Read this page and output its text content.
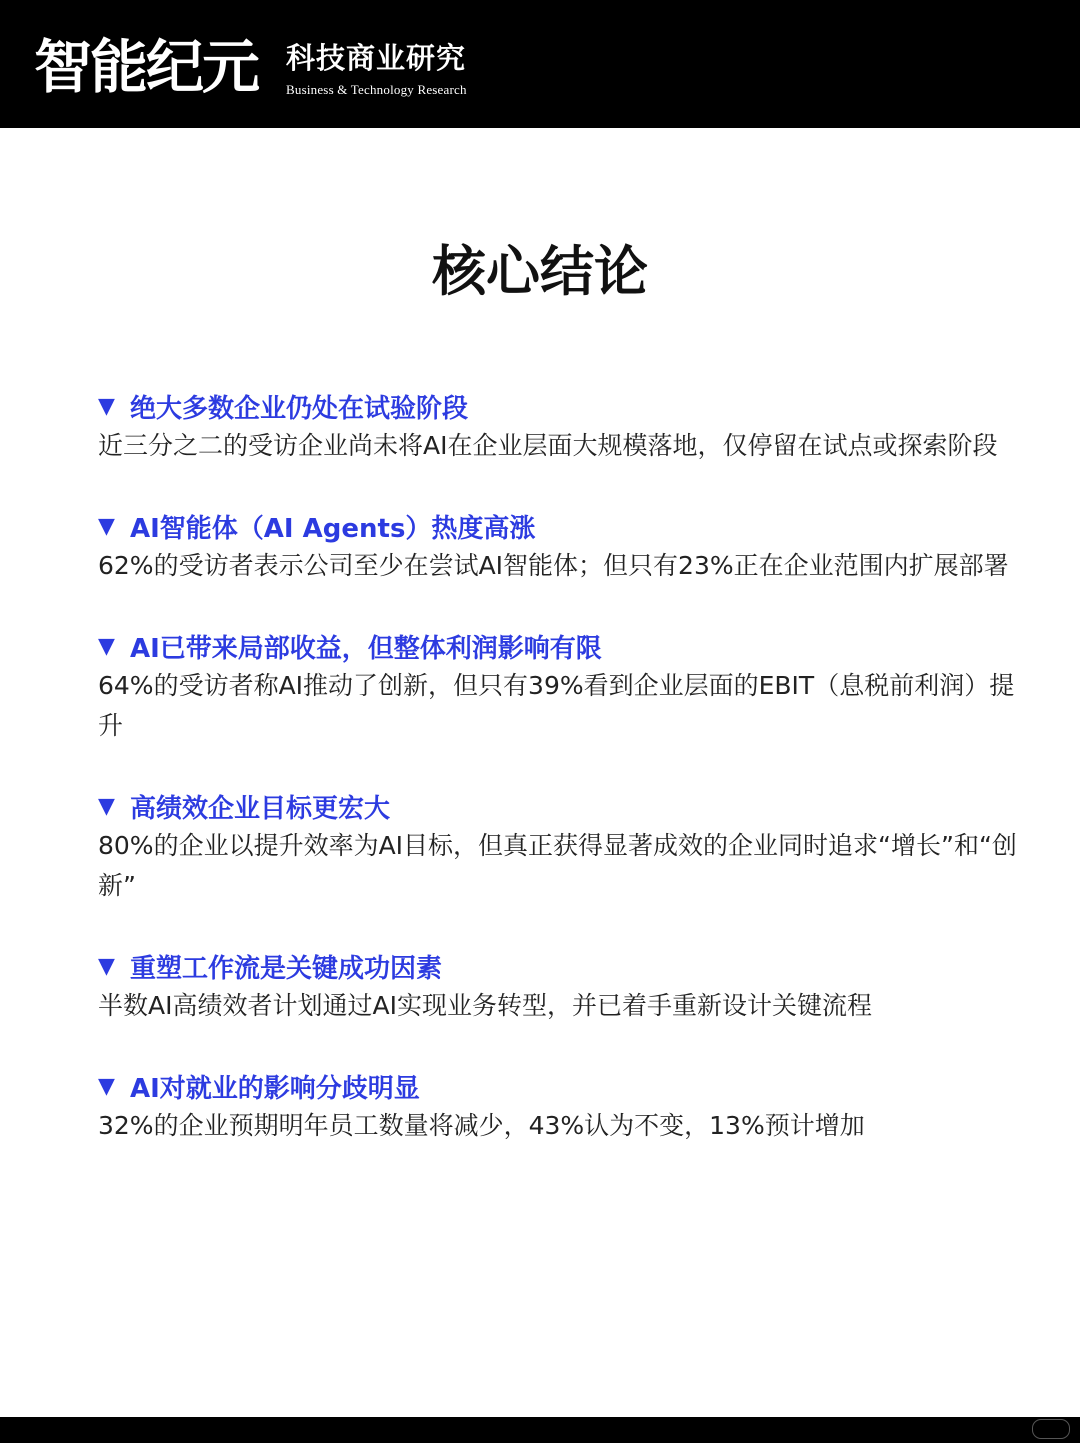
智能纪元 科技商业研究
Business & Technology Research
核心结论
▼ 绝大多数企业仍处在试验阶段

近三分之二的受访企业尚未将AI在企业层面大规模落地，仅停留在试点或探索阶段

▼ AI智能体（AI Agents）热度高涨

62%的受访者表示公司至少在尝试AI智能体；但只有23%正在企业范围内扩展部署

▼ AI已带来局部收益，但整体利润影响有限

64%的受访者称AI推动了创新，但只有39%看到企业层面的EBIT（息税前利润）提升

▼ 高绩效企业目标更宏大

80%的企业以提升效率为AI目标，但真正获得显著成效的企业同时追求“增长”和“创新”

▼ 重塑工作流是关键成功因素

半数AI高绩效者计划通过AI实现业务转型，并已着手重新设计关键流程

▼ AI对就业的影响分歧明显

32%的企业预期明年员工数量将减少，43%认为不变，13%预计增加
